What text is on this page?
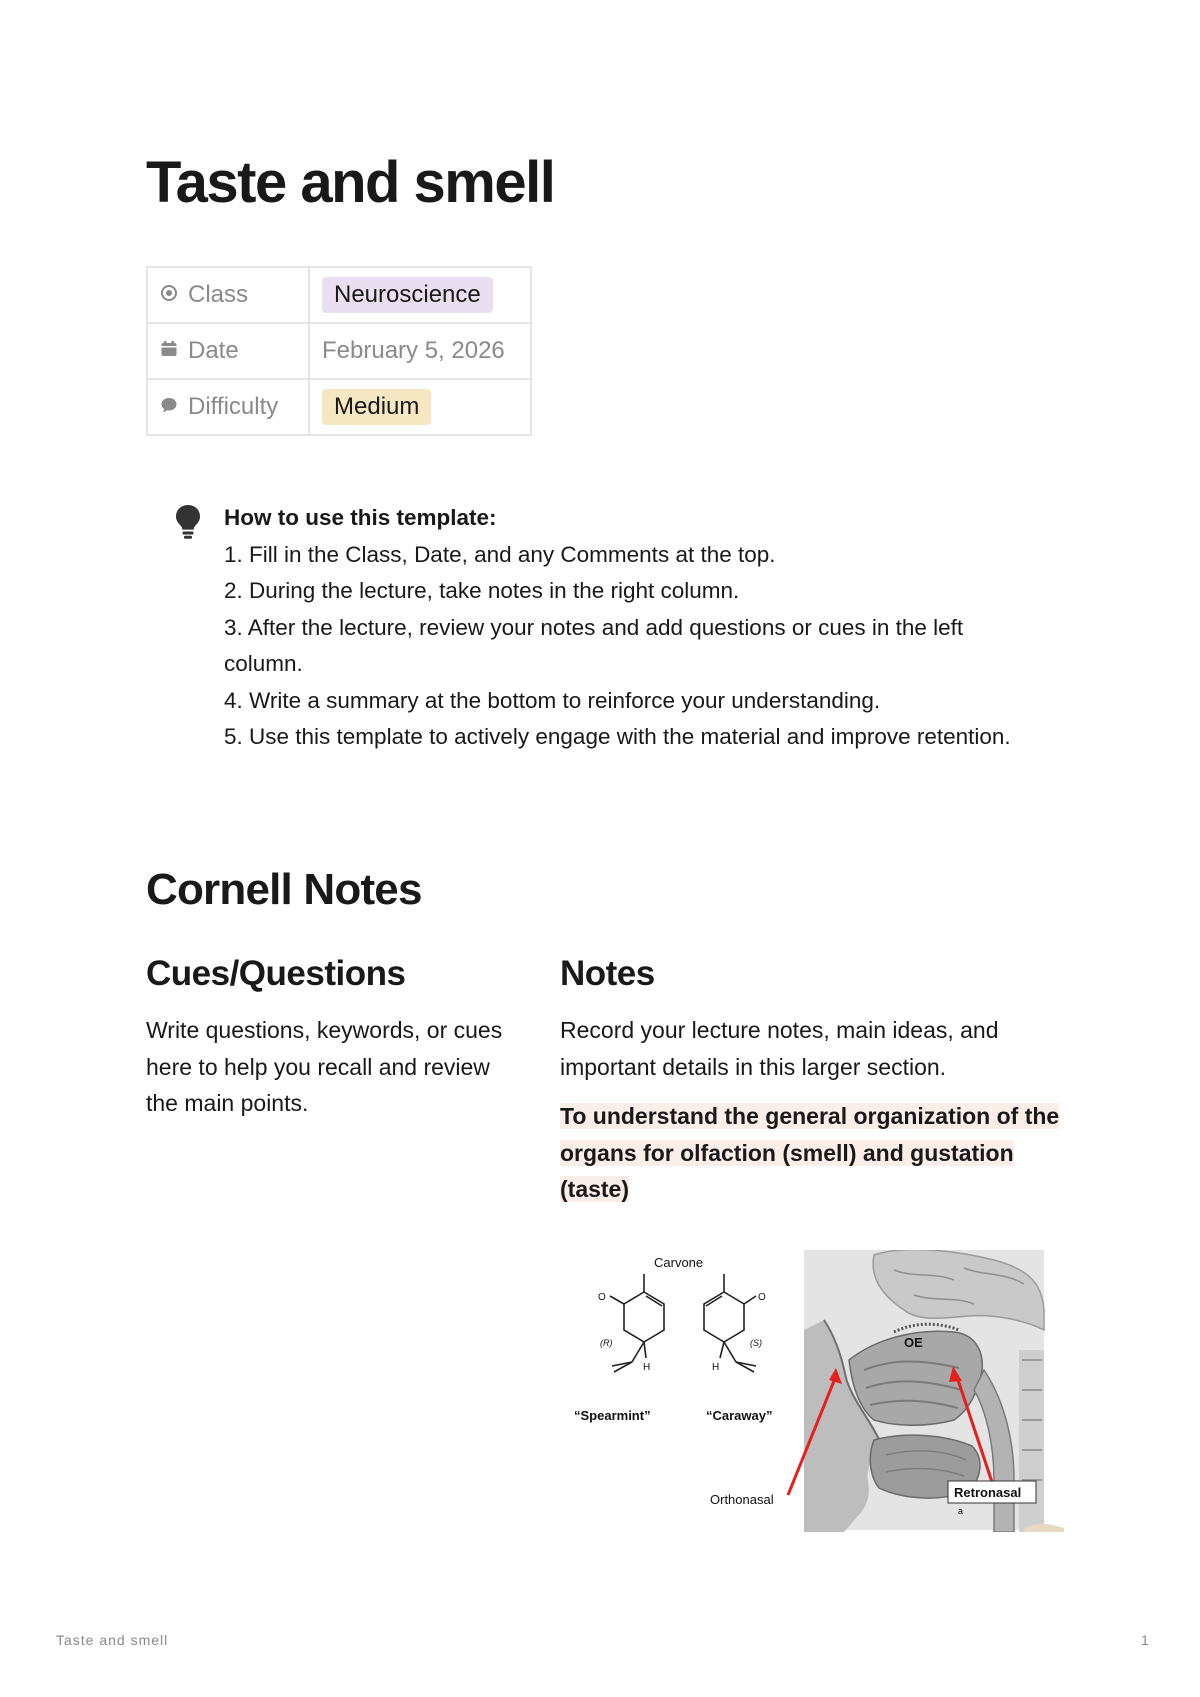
Taste and smell
Class	Neuroscience
Date	February 5, 2026
Difficulty	Medium

How to use this template:

1. Fill in the Class, Date, and any Comments at the top.

2. During the lecture, take notes in the right column.

3. After the lecture, review your notes and add questions or cues in the left column.

4. Write a summary at the bottom to reinforce your understanding.

5. Use this template to actively engage with the material and improve retention.

Cornell Notes
Cues/Questions

Write questions, keywords, or cues here to help you recall and review the main points.

Notes

Record your lecture notes, main ideas, and important details in this larger section.

To understand the general organization of the organs for olfaction (smell) and gustation (taste)

OE
Orthonasal	Retronasal
a
Carvone
O	O
(R)	(S)
H	H
“Spearmint”	“Caraway”
Taste and smell	1
